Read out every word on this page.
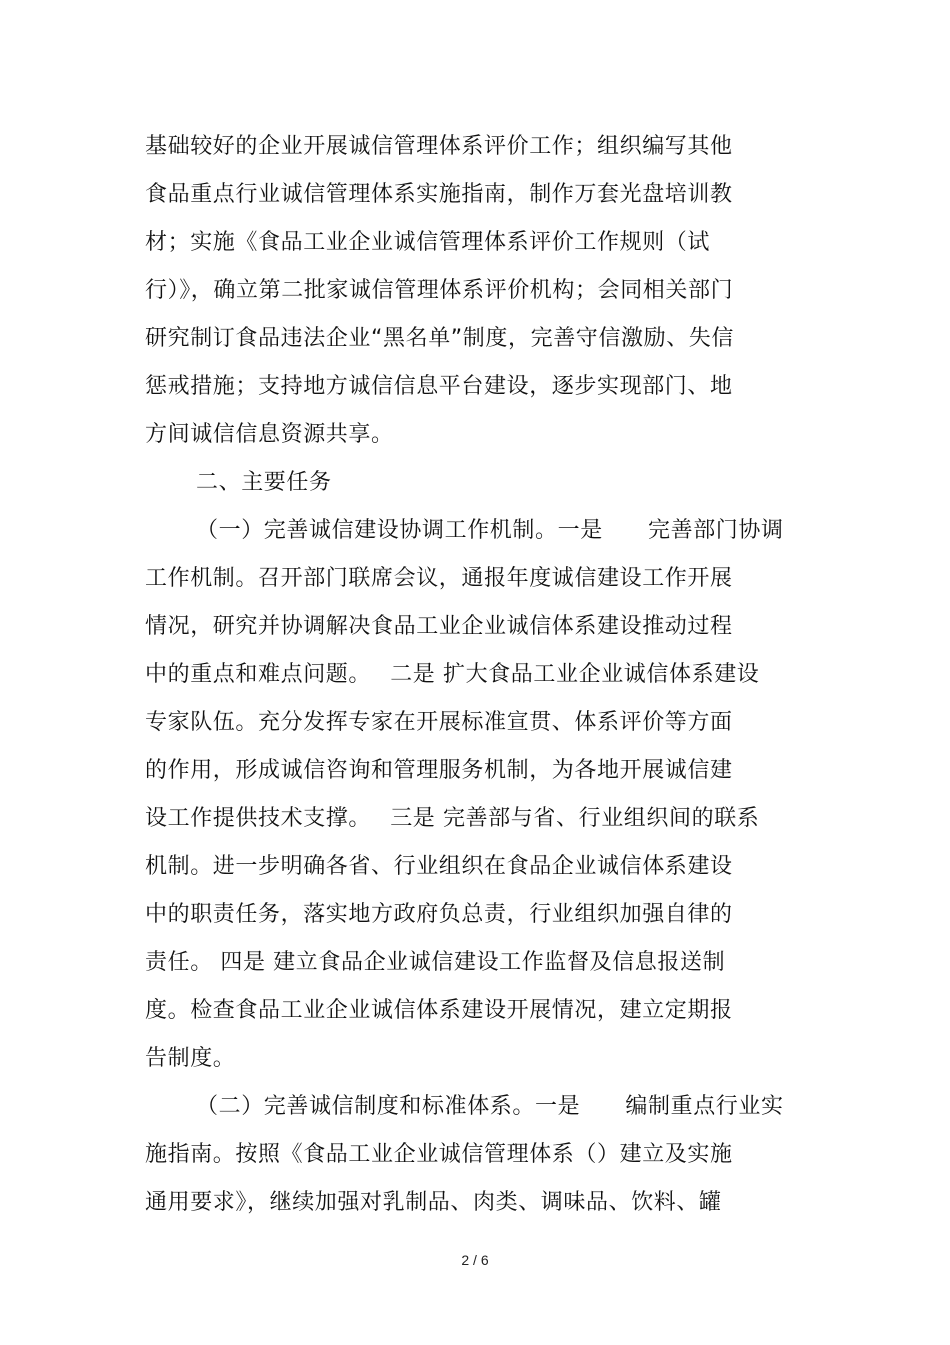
基础较好的企业开展诚信管理体系评价工作；组织编写其他
食品重点行业诚信管理体系实施指南，制作万套光盘培训教
材；实施《食品工业企业诚信管理体系评价工作规则（试
行）》，确立第二批家诚信管理体系评价机构；会同相关部门
研究制订食品违法企业“黑名单”制度，完善守信激励、失信
惩戒措施；支持地方诚信信息平台建设，逐步实现部门、地
方间诚信信息资源共享。
二、主要任务
（一）完善诚信建设协调工作机制。一是　　完善部门协调
工作机制。召开部门联席会议，通报年度诚信建设工作开展
情况，研究并协调解决食品工业企业诚信体系建设推动过程
中的重点和难点问题。　 二是 扩大食品工业企业诚信体系建设
专家队伍。充分发挥专家在开展标准宣贯、体系评价等方面
的作用，形成诚信咨询和管理服务机制，为各地开展诚信建
设工作提供技术支撑。　 三是 完善部与省、行业组织间的联系
机制。进一步明确各省、行业组织在食品企业诚信体系建设
中的职责任务，落实地方政府负总责，行业组织加强自律的
责任。 四是 建立食品企业诚信建设工作监督及信息报送制
度。检查食品工业企业诚信体系建设开展情况，建立定期报
告制度。
（二）完善诚信制度和标准体系。一是　　编制重点行业实
施指南。按照《食品工业企业诚信管理体系（）建立及实施
通用要求》，继续加强对乳制品、肉类、调味品、饮料、罐
2 / 6
